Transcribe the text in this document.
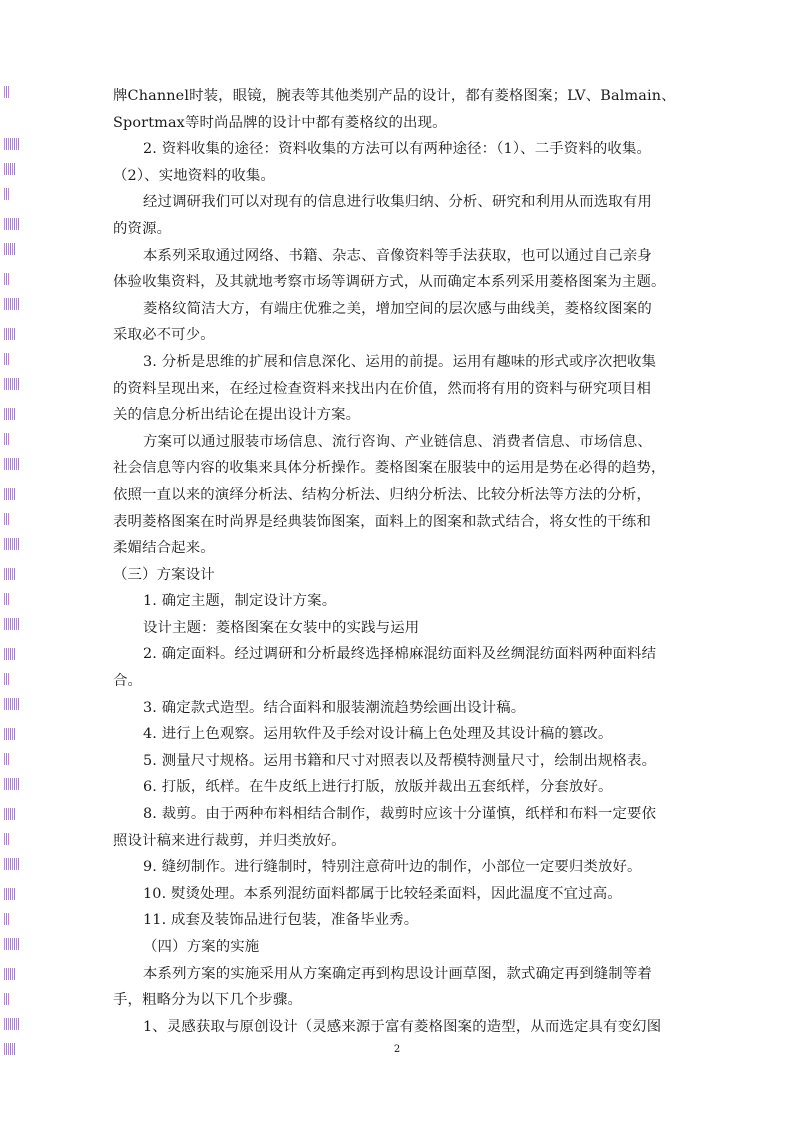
牌Channel时装，眼镜，腕表等其他类别产品的设计，都有菱格图案；LV、Balmain、
Sportmax等时尚品牌的设计中都有菱格纹的出现。
2. 资料收集的途径：资料收集的方法可以有两种途径：（1）、二手资料的收集。
（2）、实地资料的收集。
经过调研我们可以对现有的信息进行收集归纳、分析、研究和利用从而选取有用
的资源。
本系列采取通过网络、书籍、杂志、音像资料等手法获取，也可以通过自己亲身
体验收集资料，及其就地考察市场等调研方式，从而确定本系列采用菱格图案为主题。
菱格纹简洁大方，有端庄优雅之美，增加空间的层次感与曲线美，菱格纹图案的
采取必不可少。
3. 分析是思维的扩展和信息深化、运用的前提。运用有趣味的形式或序次把收集
的资料呈现出来，在经过检查资料来找出内在价值，然而将有用的资料与研究项目相
关的信息分析出结论在提出设计方案。
方案可以通过服装市场信息、流行咨询、产业链信息、消费者信息、市场信息、
社会信息等内容的收集来具体分析操作。菱格图案在服装中的运用是势在必得的趋势，
依照一直以来的演绎分析法、结构分析法、归纳分析法、比较分析法等方法的分析，
表明菱格图案在时尚界是经典装饰图案，面料上的图案和款式结合，将女性的干练和
柔媚结合起来。
（三）方案设计
1. 确定主题，制定设计方案。
设计主题：菱格图案在女装中的实践与运用
2. 确定面料。经过调研和分析最终选择棉麻混纺面料及丝绸混纺面料两种面料结
合。
3. 确定款式造型。结合面料和服装潮流趋势绘画出设计稿。
4. 进行上色观察。运用软件及手绘对设计稿上色处理及其设计稿的篡改。
5. 测量尺寸规格。运用书籍和尺寸对照表以及帮模特测量尺寸，绘制出规格表。
6. 打版，纸样。在牛皮纸上进行打版，放版并裁出五套纸样，分套放好。
8. 裁剪。由于两种布料相结合制作，裁剪时应该十分谨慎，纸样和布料一定要依
照设计稿来进行裁剪，并归类放好。
9. 缝纫制作。进行缝制时，特别注意荷叶边的制作，小部位一定要归类放好。
10. 熨烫处理。本系列混纺面料都属于比较轻柔面料，因此温度不宜过高。
11. 成套及装饰品进行包装，准备毕业秀。
（四）方案的实施
本系列方案的实施采用从方案确定再到构思设计画草图，款式确定再到缝制等着
手，粗略分为以下几个步骤。
1、灵感获取与原创设计（灵感来源于富有菱格图案的造型，从而选定具有变幻图
2
